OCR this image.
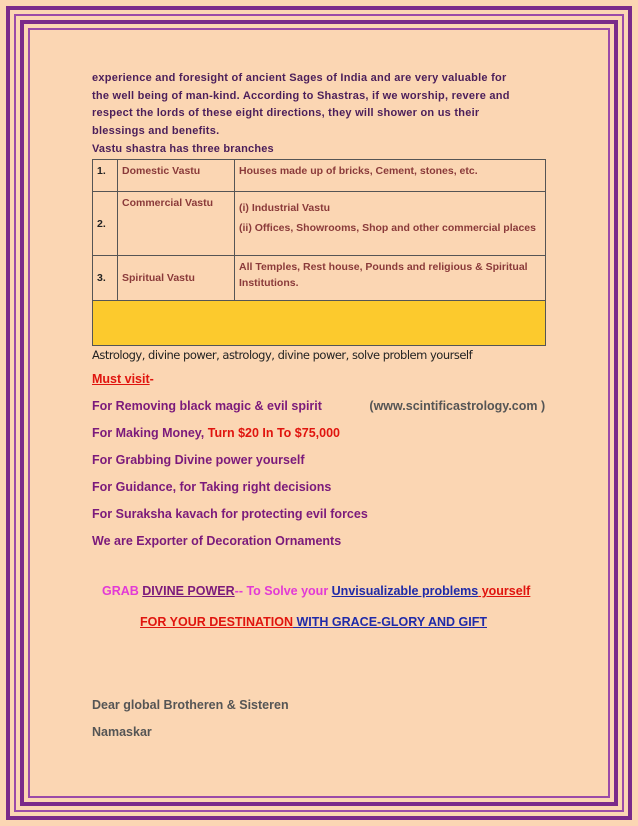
experience and foresight of ancient Sages of India and are very valuable for
the well being of man-kind. According to Shastras, if we worship, revere and
respect the lords of these eight directions, they will shower on us their
blessings and benefits.

Vastu shastra has three branches

1.	Domestic Vastu	Houses made up of bricks, Cement, stones, etc.
2.	Commercial Vastu	(i) Industrial Vastu
(ii) Offices, Showrooms, Shop and other commercial places

3.	Spiritual Vastu	All Temples, Rest house, Pounds and religious & Spiritual Institutions.

Astrology, divine power, astrology, divine power, solve problem yourself

Must visit-

For Removing black magic & evil spirit	(www.scintificastrology.com )

For Making Money, Turn $20 In To $75,000

For Grabbing Divine power yourself

For Guidance, for Taking right decisions

For Suraksha kavach for protecting evil forces

We are Exporter of Decoration Ornaments

GRAB DIVINE POWER-- To Solve your Unvisualizable problems yourself

FOR YOUR DESTINATION WITH GRACE-GLORY AND GIFT

Dear global Brotheren & Sisteren

Namaskar
